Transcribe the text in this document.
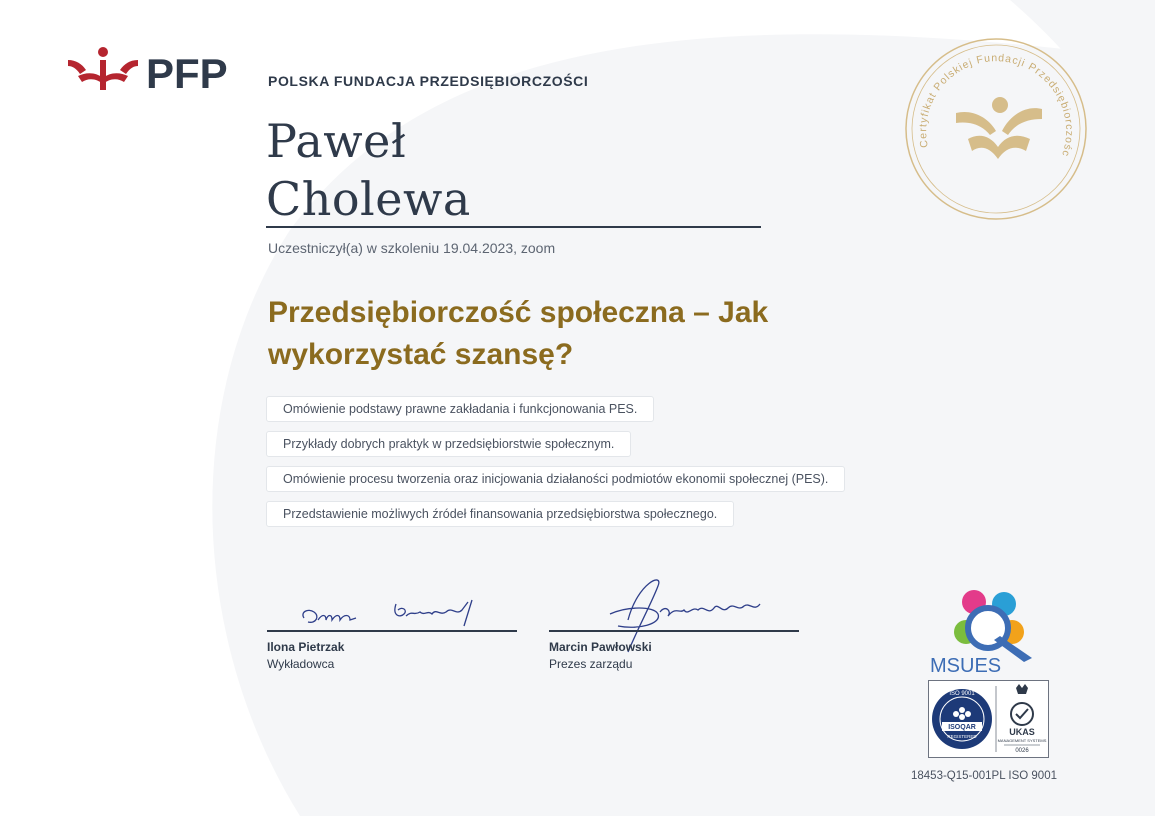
PFP	POLSKA FUNDACJA PRZEDSIĘBIORCZOŚCI
Certyfikat Polskiej Fundacji Przedsiębiorczośc
Paweł
Cholewa
Uczestniczył(a) w szkoleniu 19.04.2023, zoom
Przedsiębiorczość społeczna – Jak wykorzystać szansę?
Omówienie podstawy prawne zakładania i funkcjonowania PES.
Przykłady dobrych praktyk w przedsiębiorstwie społecznym.
Omówienie procesu tworzenia oraz inicjowania działaności podmiotów ekonomii społecznej (PES).
Przedstawienie możliwych źródeł finansowania przedsiębiorstwa społecznego.
Ilona Pietrzak
Wykładowca
Marcin Pawłowski
Prezes zarządu	MSUES
ISO 9001
ISOQAR
REGISTERED	UKAS
MANAGEMENT SYSTEMS
0026
18453-Q15-001PL ISO 9001
